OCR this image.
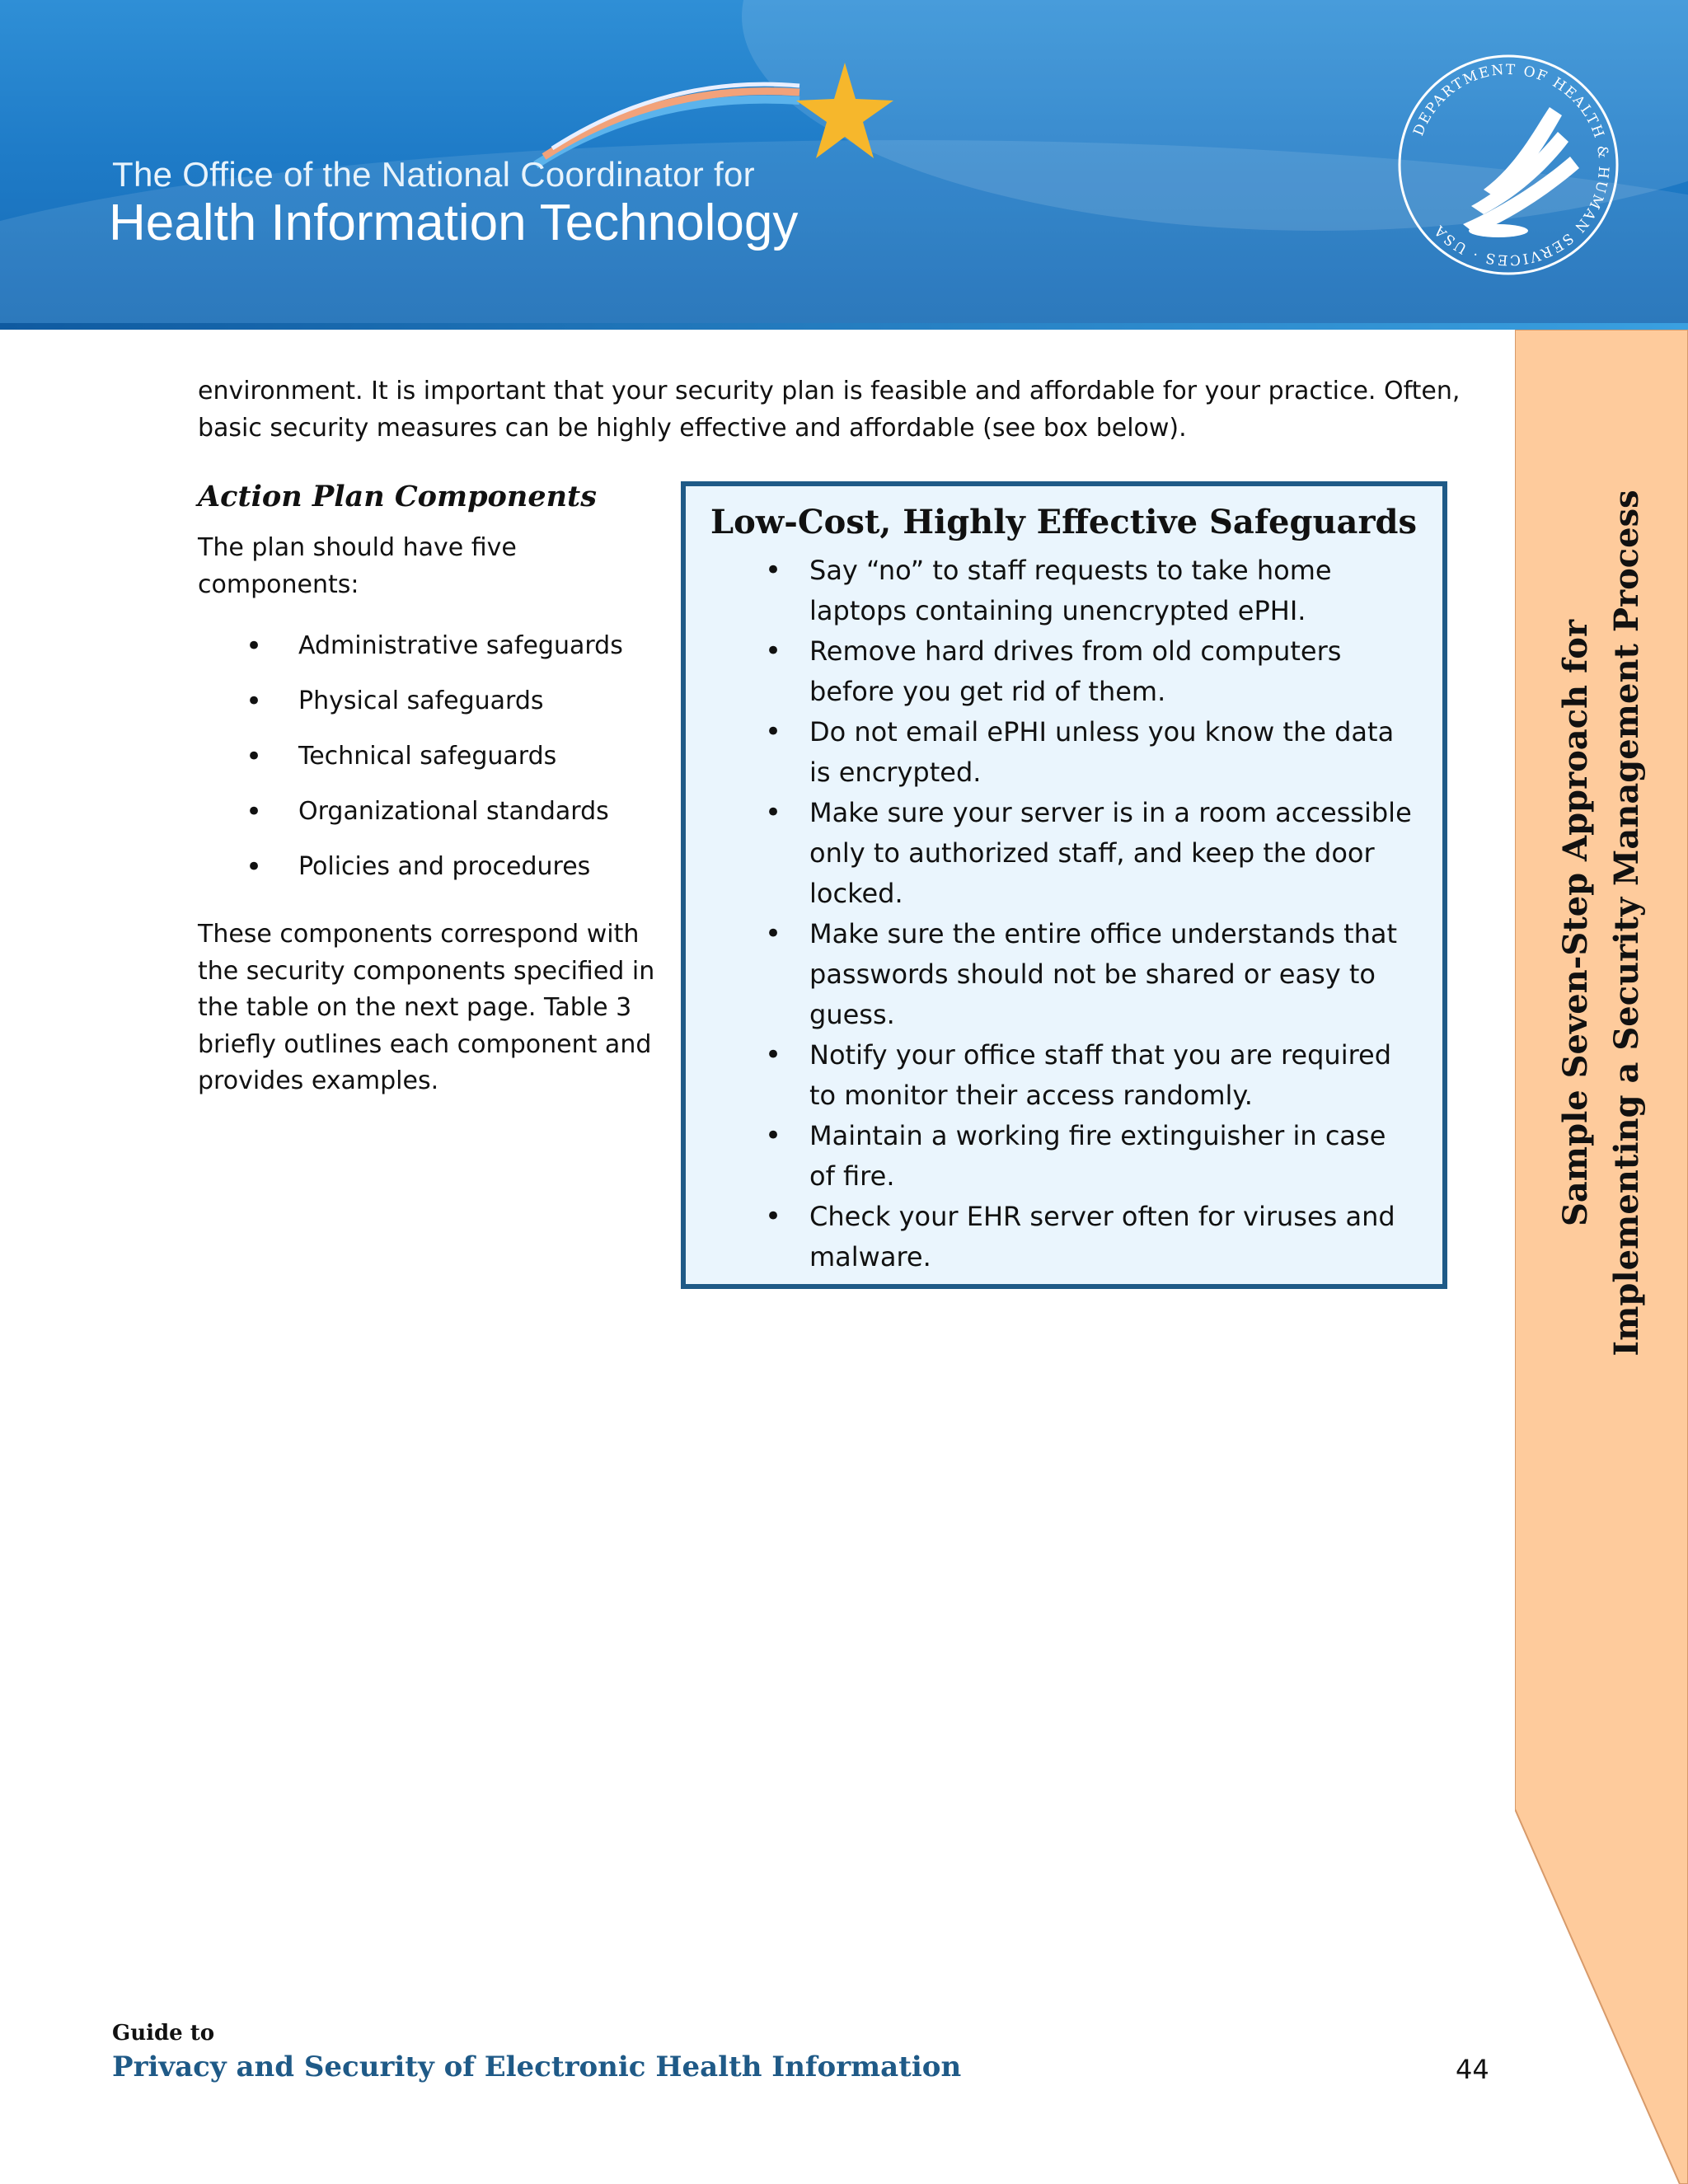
The Office of the National Coordinator for
Health Information Technology
DEPARTMENT OF HEALTH & HUMAN SERVICES · USA
Sample Seven-Step Approach for Implementing a Security Management Process
environment. It is important that your security plan is feasible and affordable for your practice. Often, basic security measures can be highly effective and affordable (see box below).
Action Plan Components
The plan should have five components:
• Administrative safeguards
• Physical safeguards
• Technical safeguards
• Organizational standards
• Policies and procedures
These components correspond with the security components specified in the table on the next page. Table 3 briefly outlines each component and provides examples.
Low-Cost, Highly Effective Safeguards
• Say “no” to staff requests to take home laptops containing unencrypted ePHI.
• Remove hard drives from old computers before you get rid of them.
• Do not email ePHI unless you know the data is encrypted.
• Make sure your server is in a room accessible only to authorized staff, and keep the door locked.
• Make sure the entire office understands that passwords should not be shared or easy to guess.
• Notify your office staff that you are required to monitor their access randomly.
• Maintain a working fire extinguisher in case of fire.
• Check your EHR server often for viruses and malware.
Guide to
Privacy and Security of Electronic Health Information	44
